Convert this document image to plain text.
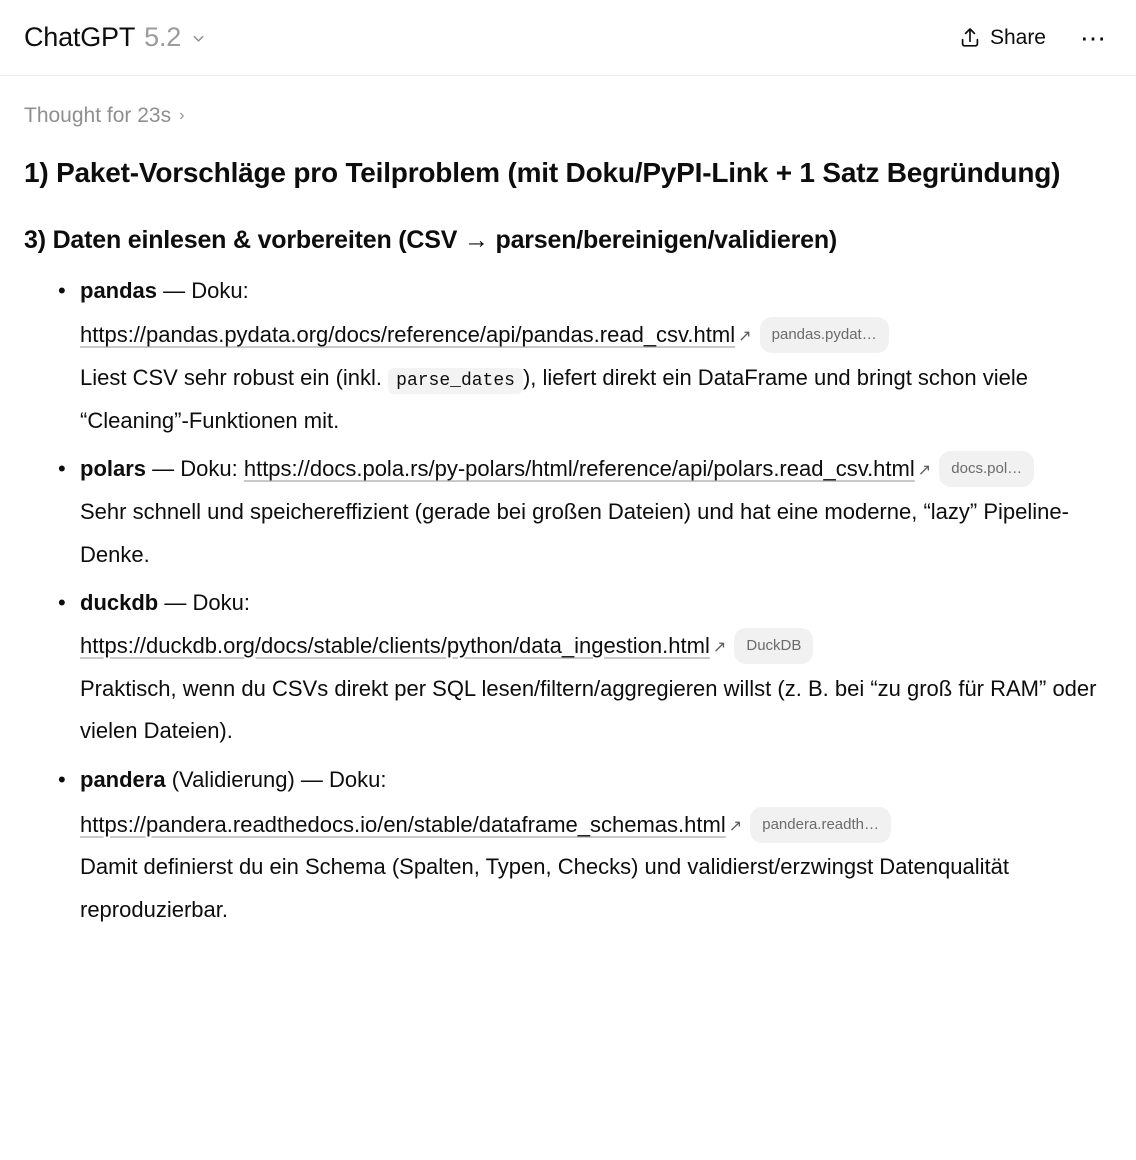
ChatGPT 5.2	Share ⋯
Thought for 23s ›
1) Paket-Vorschläge pro Teilproblem (mit Doku/PyPI-Link + 1 Satz Begründung)
3) Daten einlesen & vorbereiten (CSV → parsen/bereinigen/validieren)
• pandas — Doku:
https://pandas.pydata.org/docs/reference/api/pandas.read_csv.html ↗ pandas.pydat…
Liest CSV sehr robust ein (inkl. parse_dates ), liefert direkt ein DataFrame und bringt schon viele “Cleaning”-Funktionen mit.
• polars — Doku: https://docs.pola.rs/py-polars/html/reference/api/polars.read_csv.html ↗ docs.pol…
Sehr schnell und speichereffizient (gerade bei großen Dateien) und hat eine moderne, “lazy” Pipeline-Denke.
• duckdb — Doku:
https://duckdb.org/docs/stable/clients/python/data_ingestion.html ↗ DuckDB
Praktisch, wenn du CSVs direkt per SQL lesen/filtern/aggregieren willst (z. B. bei “zu groß für RAM” oder vielen Dateien).
• pandera (Validierung) — Doku:
https://pandera.readthedocs.io/en/stable/dataframe_schemas.html ↗ pandera.readth…
Damit definierst du ein Schema (Spalten, Typen, Checks) und validierst/erzwingst Datenqualität reproduzierbar.
